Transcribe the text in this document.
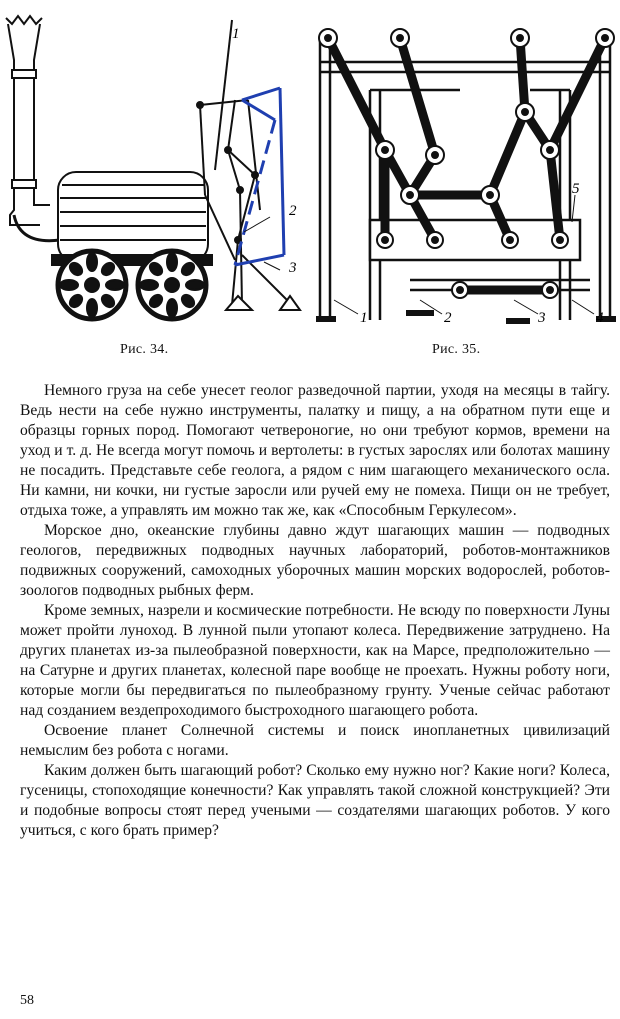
1
2
3
1	2	3	4
5
Рис. 34.	Рис. 35.

Немного груза на себе унесет геолог разведочной партии, уходя на месяцы в тайгу. Ведь нести на себе нужно инструменты, палатку и пищу, а на обратном пути еще и образцы горных пород. Помогают четвероногие, но они требуют кормов, времени на уход и т. д. Не всегда могут помочь и вертолеты: в густых зарослях или болотах машину не посадить. Представьте себе геолога, а рядом с ним шагающего механического осла. Ни камни, ни кочки, ни густые заросли или ручей ему не помеха. Пищи он не требует, отдыха тоже, а управлять им можно так же, как «Способным Геркулесом».

Морское дно, океанские глубины давно ждут шагающих машин — подводных геологов, передвижных подводных научных лабораторий, роботов-монтажников подвижных сооружений, самоходных уборочных машин морских водорослей, роботов-зоологов подводных рыбных ферм.

Кроме земных, назрели и космические потребности. Не всюду по поверхности Луны может пройти луноход. В лунной пыли утопают колеса. Передвижение затруднено. На других планетах из-за пылеобразной поверхности, как на Марсе, предположительно — на Сатурне и других планетах, колесной паре вообще не проехать. Нужны роботу ноги, которые могли бы передвигаться по пылеобразному грунту. Ученые сейчас работают над созданием вездепроходимого быстроходного шагающего робота.

Освоение планет Солнечной системы и поиск инопланетных цивилизаций немыслим без робота с ногами.

Каким должен быть шагающий робот? Сколько ему нужно ног? Какие ноги? Колеса, гусеницы, стопоходящие конечности? Как управлять такой сложной конструкцией? Эти и подобные вопросы стоят перед учеными — создателями шагающих роботов. У кого учиться, с кого брать пример?

58
